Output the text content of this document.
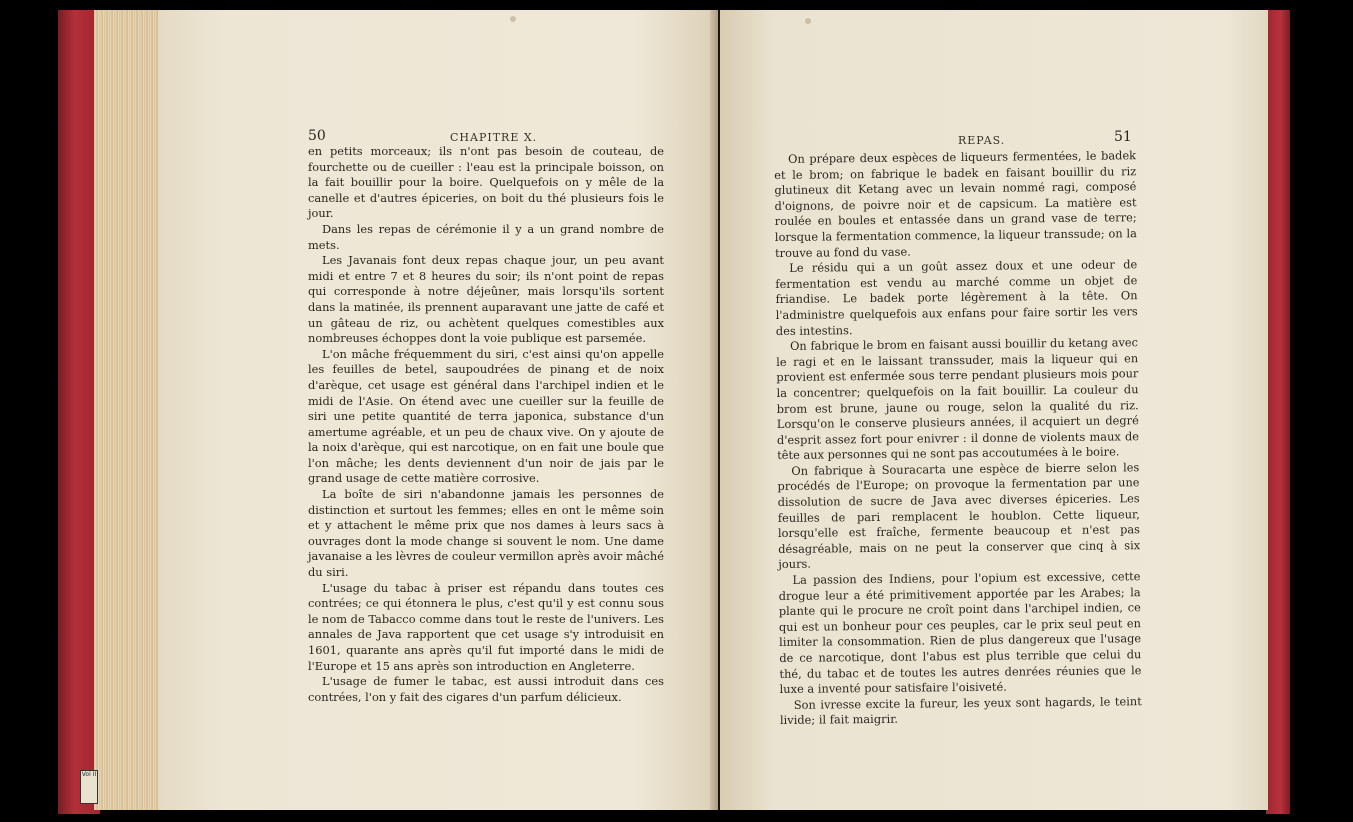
Vol II
50	CHAPITRE X.

en petits morceaux; ils n'ont pas besoin de couteau, de fourchette ou de cueiller : l'eau est la principale boisson, on la fait bouillir pour la boire. Quelquefois on y mêle de la canelle et d'autres épiceries, on boit du thé plusieurs fois le jour.

Dans les repas de cérémonie il y a un grand nombre de mets.

Les Javanais font deux repas chaque jour, un peu avant midi et entre 7 et 8 heures du soir; ils n'ont point de repas qui corresponde à notre déjeûner, mais lorsqu'ils sortent dans la matinée, ils prennent auparavant une jatte de café et un gâteau de riz, ou achètent quelques comestibles aux nombreuses échoppes dont la voie publique est parsemée.

L'on mâche fréquemment du siri, c'est ainsi qu'on appelle les feuilles de betel, saupoudrées de pinang et de noix d'arèque, cet usage est général dans l'archipel indien et le midi de l'Asie. On étend avec une cueiller sur la feuille de siri une petite quantité de terra japonica, substance d'un amertume agréable, et un peu de chaux vive. On y ajoute de la noix d'arèque, qui est narcotique, on en fait une boule que l'on mâche; les dents deviennent d'un noir de jais par le grand usage de cette matière corrosive.

La boîte de siri n'abandonne jamais les personnes de distinction et surtout les femmes; elles en ont le même soin et y attachent le même prix que nos dames à leurs sacs à ouvrages dont la mode change si souvent le nom. Une dame javanaise a les lèvres de couleur vermillon après avoir mâché du siri.

L'usage du tabac à priser est répandu dans toutes ces contrées; ce qui étonnera le plus, c'est qu'il y est connu sous le nom de Tabacco comme dans tout le reste de l'univers. Les annales de Java rapportent que cet usage s'y introduisit en 1601, quarante ans après qu'il fut importé dans le midi de l'Europe et 15 ans après son introduction en Angleterre.

L'usage de fumer le tabac, est aussi introduit dans ces contrées, l'on y fait des cigares d'un parfum délicieux.

REPAS.	51

On prépare deux espèces de liqueurs fermentées, le badek et le brom; on fabrique le badek en faisant bouillir du riz glutineux dit Ketang avec un levain nommé ragi, composé d'oignons, de poivre noir et de capsicum. La matière est roulée en boules et entassée dans un grand vase de terre; lorsque la fermentation commence, la liqueur transsude; on la trouve au fond du vase.

Le résidu qui a un goût assez doux et une odeur de fermentation est vendu au marché comme un objet de friandise. Le badek porte légèrement à la tête. On l'administre quelquefois aux enfans pour faire sortir les vers des intestins.

On fabrique le brom en faisant aussi bouillir du ketang avec le ragi et en le laissant transsuder, mais la liqueur qui en provient est enfermée sous terre pendant plusieurs mois pour la concentrer; quelquefois on la fait bouillir. La couleur du brom est brune, jaune ou rouge, selon la qualité du riz. Lorsqu'on le conserve plusieurs années, il acquiert un degré d'esprit assez fort pour enivrer : il donne de violents maux de tête aux personnes qui ne sont pas accoutumées à le boire.

On fabrique à Souracarta une espèce de bierre selon les procédés de l'Europe; on provoque la fermentation par une dissolution de sucre de Java avec diverses épiceries. Les feuilles de pari remplacent le houblon. Cette liqueur, lorsqu'elle est fraîche, fermente beaucoup et n'est pas désagréable, mais on ne peut la conserver que cinq à six jours.

La passion des Indiens, pour l'opium est excessive, cette drogue leur a été primitivement apportée par les Arabes; la plante qui le procure ne croît point dans l'archipel indien, ce qui est un bonheur pour ces peuples, car le prix seul peut en limiter la consommation. Rien de plus dangereux que l'usage de ce narcotique, dont l'abus est plus terrible que celui du thé, du tabac et de toutes les autres denrées réunies que le luxe a inventé pour satisfaire l'oisiveté.

Son ivresse excite la fureur, les yeux sont hagards, le teint livide; il fait maigrir.
